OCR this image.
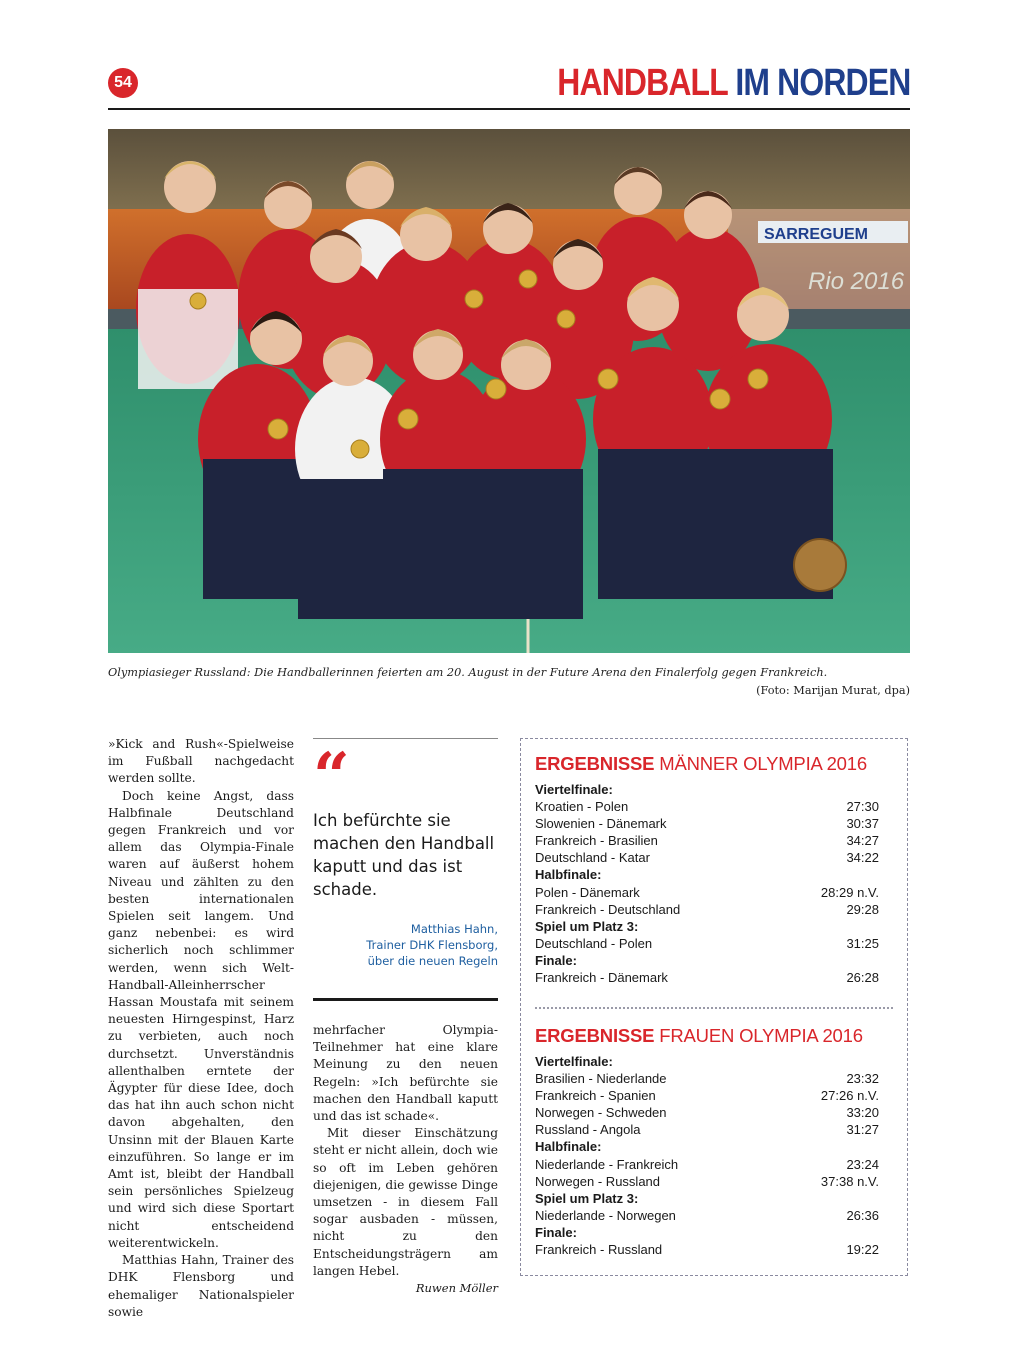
54	HANDBALL IM NORDEN
SARREGUEM
Rio 2016
Olympiasieger Russland: Die Handballerinnen feierten am 20. August in der Future Arena den Finalerfolg gegen Frankreich.
(Foto: Marijan Murat, dpa)

»Kick and Rush«-Spielweise im Fußball nachgedacht werden sollte.

Doch keine Angst, dass Halbfinale Deutschland gegen Frankreich und vor allem das Olympia-Finale waren auf äußerst hohem Niveau und zählten zu den besten internationalen Spielen seit langem. Und ganz nebenbei: es wird sicherlich noch schlimmer werden, wenn sich Welt-Handball-Alleinherrscher Hassan Moustafa mit seinem neuesten Hirngespinst, Harz zu verbieten, auch noch durchsetzt. Unverständnis allenthalben erntete der Ägypter für diese Idee, doch das hat ihn auch schon nicht davon abgehalten, den Unsinn mit der Blauen Karte einzuführen. So lange er im Amt ist, bleibt der Handball sein persönliches Spielzeug und wird sich diese Sportart nicht entscheidend weiterentwickeln.

Matthias Hahn, Trainer des DHK Flensborg und ehemaliger Nationalspieler sowie

“
Ich befürchte sie machen den Handball kaputt und das ist schade.
Matthias Hahn,
Trainer DHK Flensborg,
über die neuen Regeln

mehrfacher Olympia-Teilnehmer hat eine klare Meinung zu den neuen Regeln: »Ich befürchte sie machen den Handball kaputt und das ist schade«.

Mit dieser Einschätzung steht er nicht allein, doch wie so oft im Leben gehören diejenigen, die gewisse Dinge umsetzen - in diesem Fall sogar ausbaden - müssen, nicht zu den Entscheidungsträgern am langen Hebel.

Ruwen Möller

ERGEBNISSE MÄNNER OLYMPIA 2016
Viertelfinale:
Kroatien - Polen	27:30
Slowenien - Dänemark	30:37
Frankreich - Brasilien	34:27
Deutschland - Katar	34:22
Halbfinale:
Polen - Dänemark	28:29 n.V.
Frankreich - Deutschland	29:28
Spiel um Platz 3:
Deutschland - Polen	31:25
Finale:
Frankreich - Dänemark	26:28
ERGEBNISSE FRAUEN OLYMPIA 2016
Viertelfinale:
Brasilien - Niederlande	23:32
Frankreich - Spanien	27:26 n.V.
Norwegen - Schweden	33:20
Russland - Angola	31:27
Halbfinale:
Niederlande - Frankreich	23:24
Norwegen - Russland	37:38 n.V.
Spiel um Platz 3:
Niederlande - Norwegen	26:36
Finale:
Frankreich - Russland	19:22
